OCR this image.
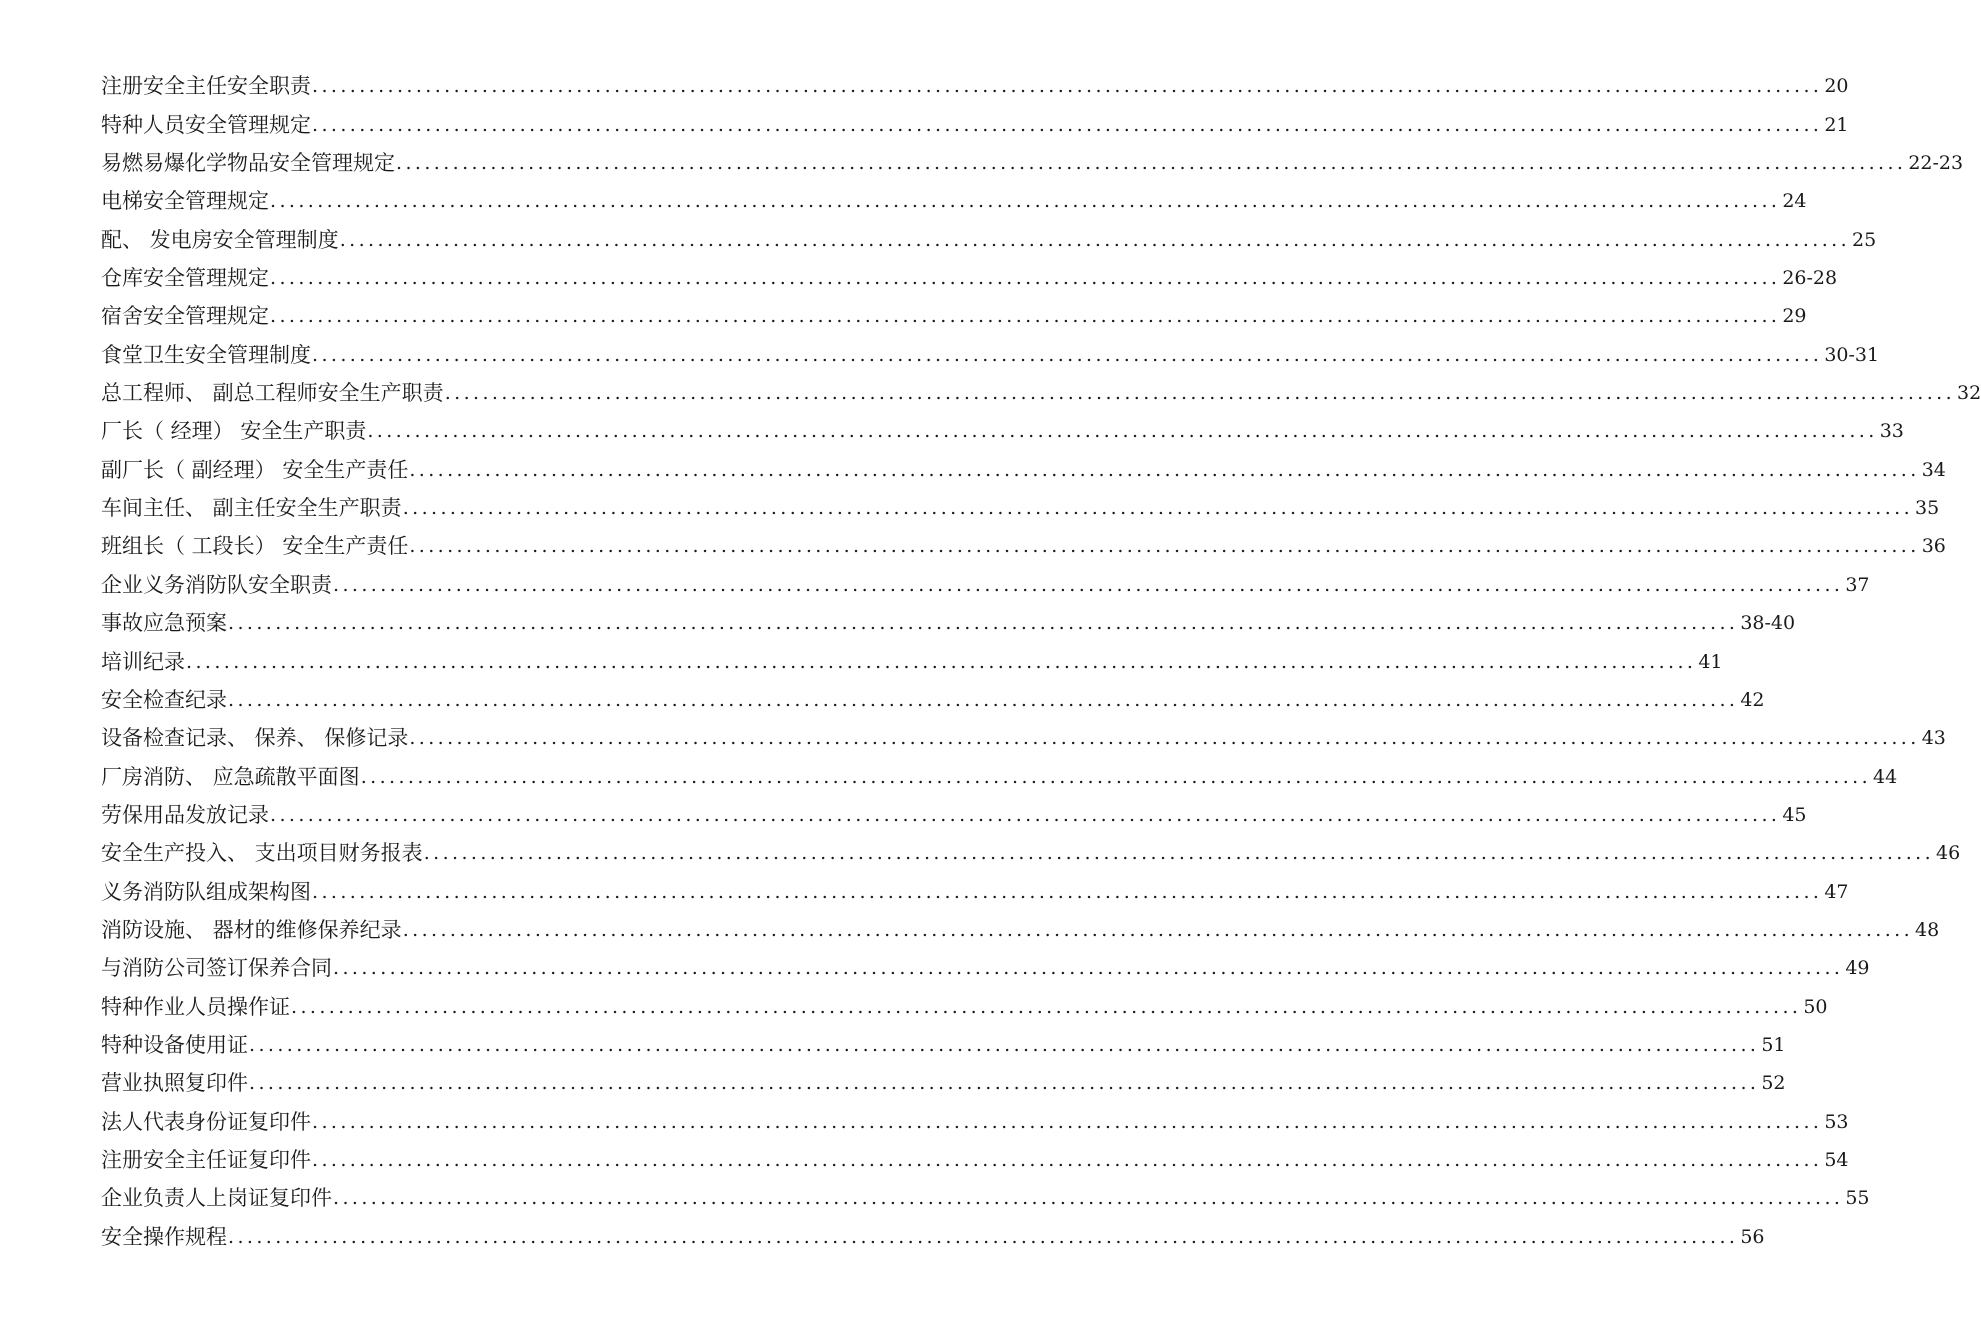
注册安全主任安全职责 ................................................................................................................................................................ 20
特种人员安全管理规定 ................................................................................................................................................................ 21
易燃易爆化学物品安全管理规定 ................................................................................................................................................................ 22-23
电梯安全管理规定 ................................................................................................................................................................ 24
配、 发电房安全管理制度 ................................................................................................................................................................ 25
仓库安全管理规定 ................................................................................................................................................................ 26-28
宿舍安全管理规定 ................................................................................................................................................................ 29
食堂卫生安全管理制度 ................................................................................................................................................................ 30-31
总工程师、 副总工程师安全生产职责 ................................................................................................................................................................ 32
厂长（ 经理） 安全生产职责 ................................................................................................................................................................ 33
副厂长（ 副经理） 安全生产责任 ................................................................................................................................................................ 34
车间主任、 副主任安全生产职责 ................................................................................................................................................................ 35
班组长（ 工段长） 安全生产责任 ................................................................................................................................................................ 36
企业义务消防队安全职责 ................................................................................................................................................................ 37
事故应急预案 ................................................................................................................................................................ 38-40
培训纪录 ................................................................................................................................................................ 41
安全检查纪录 ................................................................................................................................................................ 42
设备检查记录、 保养、 保修记录 ................................................................................................................................................................ 43
厂房消防、 应急疏散平面图 ................................................................................................................................................................ 44
劳保用品发放记录 ................................................................................................................................................................ 45
安全生产投入、 支出项目财务报表 ................................................................................................................................................................ 46
义务消防队组成架构图 ................................................................................................................................................................ 47
消防设施、 器材的维修保养纪录 ................................................................................................................................................................ 48
与消防公司签订保养合同 ................................................................................................................................................................ 49
特种作业人员操作证 ................................................................................................................................................................ 50
特种设备使用证 ................................................................................................................................................................ 51
营业执照复印件 ................................................................................................................................................................ 52
法人代表身份证复印件 ................................................................................................................................................................ 53
注册安全主任证复印件 ................................................................................................................................................................ 54
企业负责人上岗证复印件 ................................................................................................................................................................ 55
安全操作规程 ................................................................................................................................................................ 56
